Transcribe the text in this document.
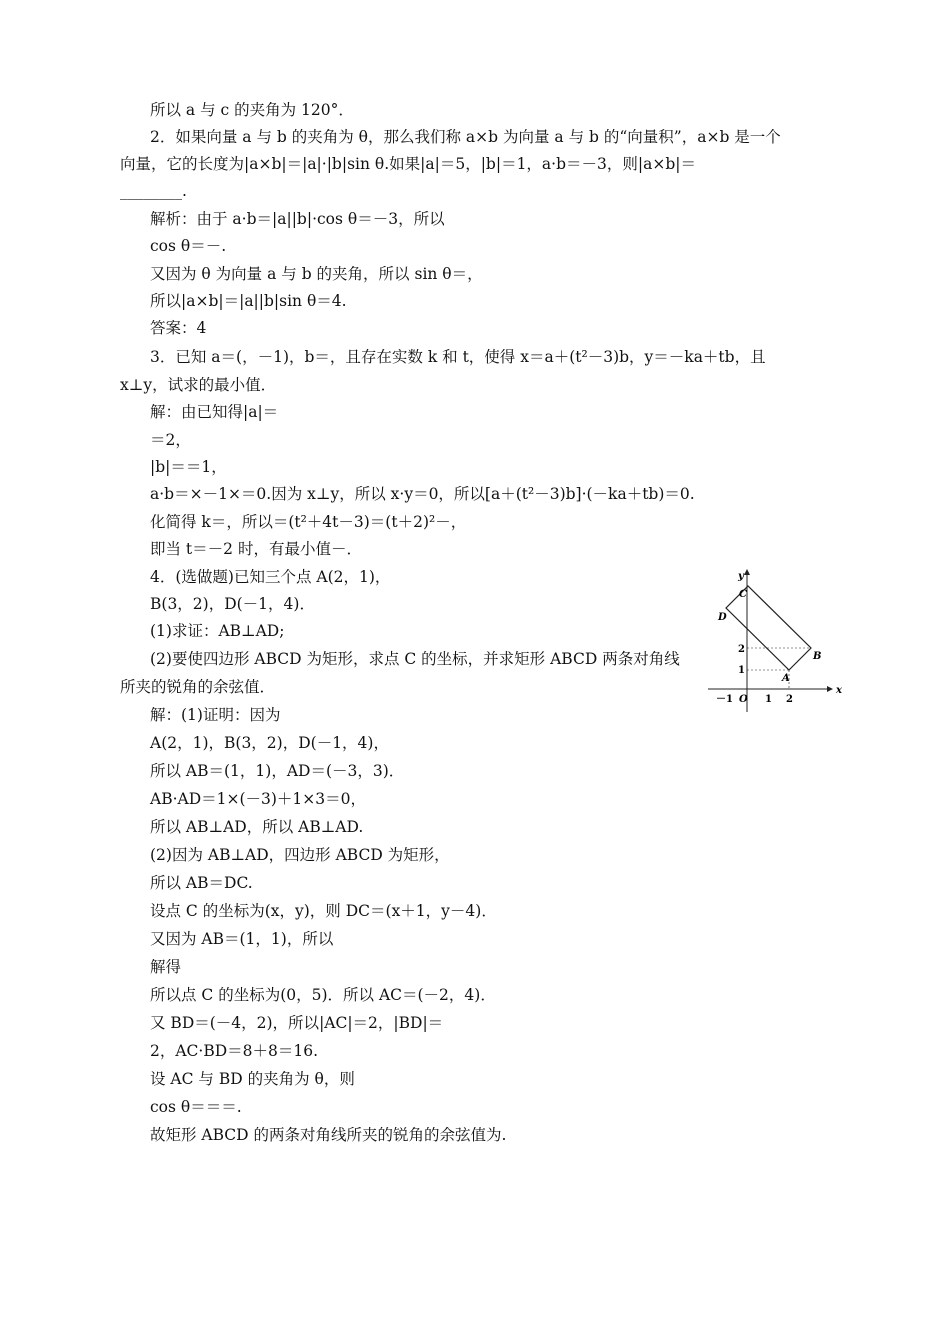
所以 a 与 c 的夹角为 120°．
2．如果向量 a 与 b 的夹角为 θ，那么我们称 a×b 为向量 a 与 b 的“向量积”，a×b 是一个
向量，它的长度为|a×b|＝|a|·|b|sin θ.如果|a|＝5，|b|＝1，a·b＝－3，则|a×b|＝
________.
解析：由于 a·b＝|a||b|·cos θ＝－3，所以
cos θ＝－.
又因为 θ 为向量 a 与 b 的夹角，所以 sin θ＝，
所以|a×b|＝|a||b|sin θ＝4.
答案：4
3．已知 a＝(，－1)，b＝，且存在实数 k 和 t，使得 x＝a＋(t²－3)b，y＝－ka＋tb，且
x⊥y，试求的最小值．
解：由已知得|a|＝
＝2，
|b|＝＝1，
a·b＝×－1×＝0.因为 x⊥y，所以 x·y＝0，所以[a＋(t²－3)b]·(－ka＋tb)＝0.
化简得 k＝，所以＝(t²＋4t－3)＝(t＋2)²－，
即当 t＝－2 时，有最小值－．
4．(选做题)已知三个点 A(2，1)，
B(3，2)，D(－1，4)．
(1)求证：AB⊥AD;
(2)要使四边形 ABCD 为矩形，求点 C 的坐标，并求矩形 ABCD 两条对角线
所夹的锐角的余弦值．
解：(1)证明：因为
A(2，1)，B(3，2)，D(－1，4)，
所以 AB＝(1，1)，AD＝(－3，3)．
AB·AD＝1×(－3)＋1×3＝0，
所以 AB⊥AD，所以 AB⊥AD.
(2)因为 AB⊥AD，四边形 ABCD 为矩形，
所以 AB＝DC.
设点 C 的坐标为(x，y)，则 DC＝(x＋1，y－4)．
又因为 AB＝(1，1)，所以
解得
所以点 C 的坐标为(0，5)．所以 AC＝(－2，4)．
又 BD＝(－4，2)，所以|AC|＝2，|BD|＝
2，AC·BD＝8＋8＝16.
设 AC 与 BD 的夹角为 θ，则
cos θ＝＝＝.
故矩形 ABCD 的两条对角线所夹的锐角的余弦值为.
x
y
O
－1	1 2
1
2
A
B
C
D
